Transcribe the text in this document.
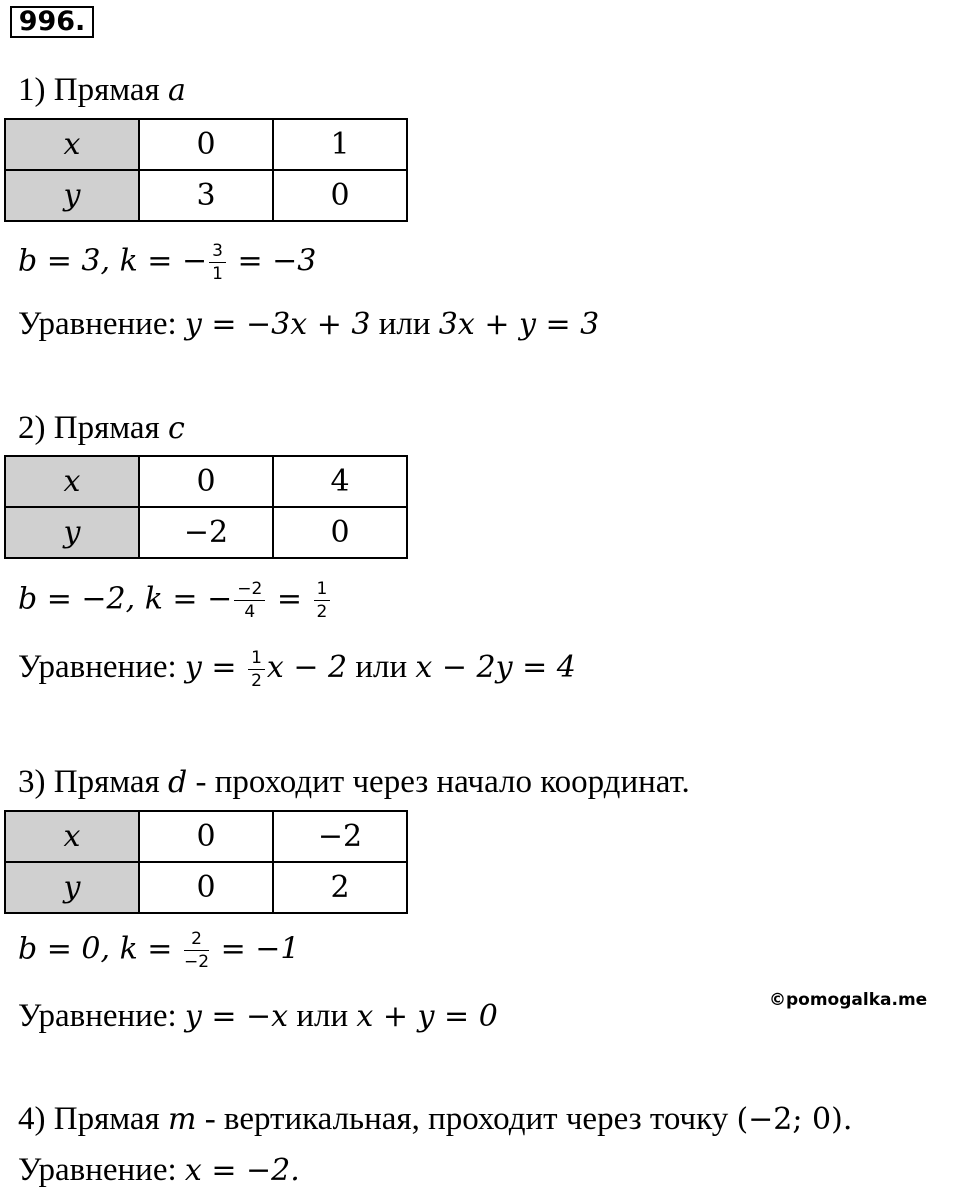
996.
1) Прямая a
x	0	1
y	3	0
b = 3, k = − $\frac{3}{1} = -3$
Уравнение: y = −3x + 3 или 3x + y = 3
2) Прямая c
x	0	4
y	−2	0
b = −2, k = − $\frac{-2}{4} = \frac{1}{2}$
Уравнение: $y = \frac{1}{2}$ x − 2 или x − 2y = 4
3) Прямая d - проходит через начало координат.
x	0	−2
y	0	2
b = 0, $k = \frac{2}{-2} = -1$
Уравнение: y = −x или x + y = 0	©pomogalka.me
4) Прямая m - вертикальная, проходит через точку (−2; 0).
Уравнение: x = −2.
